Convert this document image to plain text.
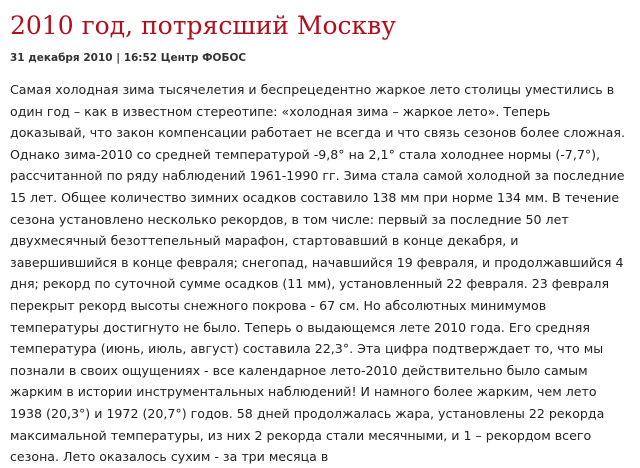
2010 год, потрясший Москву
31 декабря 2010 | 16:52 Центр ФОБОС

Самая холодная зима тысячелетия и беспрецедентно жаркое лето столицы уместились в один год – как в известном стереотипе: «холодная зима – жаркое лето». Теперь доказывай, что закон компенсации работает не всегда и что связь сезонов более сложная. Однако зима-2010 со средней температурой -9,8° на 2,1° стала холоднее нормы (-7,7°), рассчитанной по ряду наблюдений 1961-1990 гг. Зима стала самой холодной за последние 15 лет. Общее количество зимних осадков составило 138 мм при норме 134 мм. В течение сезона установлено несколько рекордов, в том числе: первый за последние 50 лет двухмесячный безоттепельный марафон, стартовавший в конце декабря, и завершившийся в конце февраля; снегопад, начавшийся 19 февраля, и продолжавшийся 4 дня; рекорд по суточной сумме осадков (11 мм), установленный 22 февраля. 23 февраля перекрыт рекорд высоты снежного покрова - 67 см. Но абсолютных минимумов температуры достигнуто не было. Теперь о выдающемся лете 2010 года. Его средняя температура (июнь, июль, август) составила 22,3°. Эта цифра подтверждает то, что мы познали в своих ощущениях - все календарное лето-2010 действительно было самым жарким в истории инструментальных наблюдений! И намного более жарким, чем лето 1938 (20,3°) и 1972 (20,7°) годов. 58 дней продолжалась жара, установлены 22 рекорда максимальной температуры, из них 2 рекорда стали месячными, и 1 – рекордом всего сезона. Лето оказалось сухим - за три месяца в
